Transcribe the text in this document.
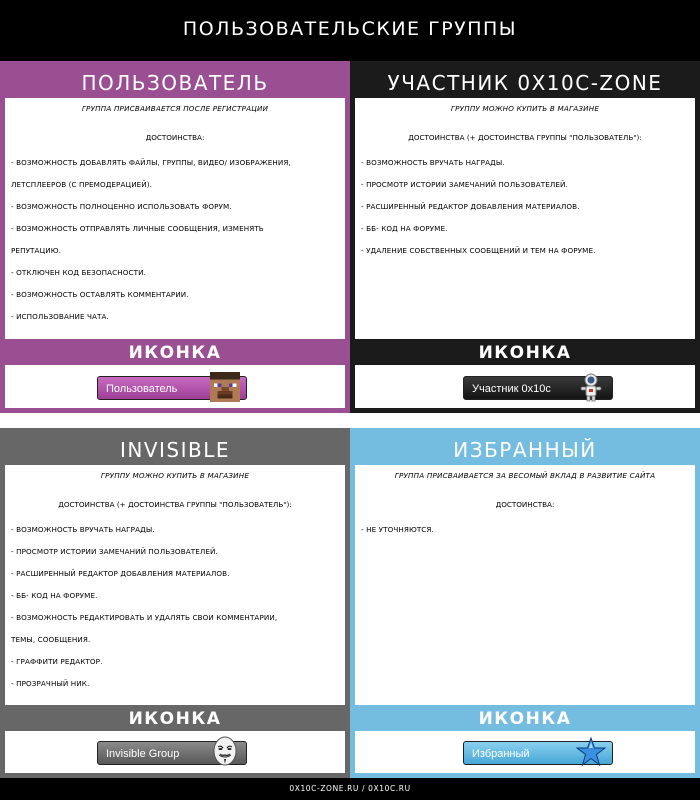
ПОЛЬЗОВАТЕЛЬСКИЕ ГРУППЫ
ПОЛЬЗОВАТЕЛЬ
ГРУППА ПРИСВАИВАЕТСЯ ПОСЛЕ РЕГИСТРАЦИИ
ДОСТОИНСТВА:
- ВОЗМОЖНОСТЬ ДОБАВЛЯТЬ ФАЙЛЫ, ГРУППЫ, ВИДЕО/ ИЗОБРАЖЕНИЯ,
ЛЕТСПЛЕЕРОВ (С ПРЕМОДЕРАЦИЕЙ).
- ВОЗМОЖНОСТЬ ПОЛНОЦЕННО ИСПОЛЬЗОВАТЬ ФОРУМ.
- ВОЗМОЖНОСТЬ ОТПРАВЛЯТЬ ЛИЧНЫЕ СООБЩЕНИЯ, ИЗМЕНЯТЬ
РЕПУТАЦИЮ.
- ОТКЛЮЧЕН КОД БЕЗОПАСНОСТИ.
- ВОЗМОЖНОСТЬ ОСТАВЛЯТЬ КОММЕНТАРИИ.
- ИСПОЛЬЗОВАНИЕ ЧАТА.
ИКОНКА
Пользователь
УЧАСТНИК 0X10C-ZONE
ГРУППУ МОЖНО КУПИТЬ В МАГАЗИНЕ
ДОСТОИНСТВА (+ ДОСТОИНСТВА ГРУППЫ "ПОЛЬЗОВАТЕЛЬ"):
- ВОЗМОЖНОСТЬ ВРУЧАТЬ НАГРАДЫ.
- ПРОСМОТР ИСТОРИИ ЗАМЕЧАНИЙ ПОЛЬЗОВАТЕЛЕЙ.
- РАСШИРЕННЫЙ РЕДАКТОР ДОБАВЛЕНИЯ МАТЕРИАЛОВ.
- ББ- КОД НА ФОРУМЕ.
- УДАЛЕНИЕ СОБСТВЕННЫХ СООБЩЕНИЙ И ТЕМ НА ФОРУМЕ.
ИКОНКА
Участник 0x10c
INVISIBLE
ГРУППУ МОЖНО КУПИТЬ В МАГАЗИНЕ
ДОСТОИНСТВА (+ ДОСТОИНСТВА ГРУППЫ "ПОЛЬЗОВАТЕЛЬ"):
- ВОЗМОЖНОСТЬ ВРУЧАТЬ НАГРАДЫ.
- ПРОСМОТР ИСТОРИИ ЗАМЕЧАНИЙ ПОЛЬЗОВАТЕЛЕЙ.
- РАСШИРЕННЫЙ РЕДАКТОР ДОБАВЛЕНИЯ МАТЕРИАЛОВ.
- ББ- КОД НА ФОРУМЕ.
- ВОЗМОЖНОСТЬ РЕДАКТИРОВАТЬ И УДАЛЯТЬ СВОИ КОММЕНТАРИИ,
ТЕМЫ, СООБЩЕНИЯ.
- ГРАФФИТИ РЕДАКТОР.
- ПРОЗРАЧНЫЙ НИК.
ИКОНКА
Invisible Group
ИЗБРАННЫЙ
ГРУППА ПРИСВАИВАЕТСЯ ЗА ВЕСОМЫЙ ВКЛАД В РАЗВИТИЕ САЙТА
ДОСТОИНСТВА:
- НЕ УТОЧНЯЮТСЯ.
ИКОНКА
Избранный
0X10C-ZONE.RU / 0X10C.RU
